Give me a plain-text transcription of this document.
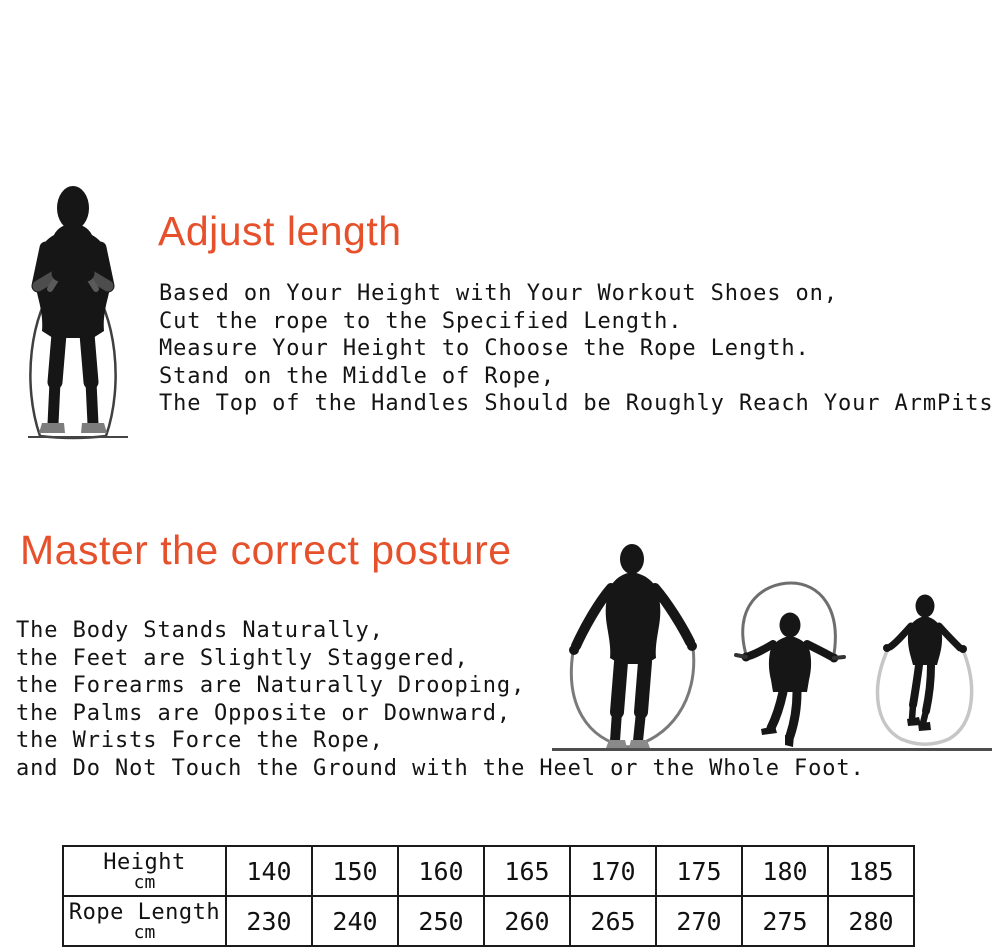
HOW TO SIZE A JUMP ROPE
Adjust length
Based on Your Height with Your Workout Shoes on,
Cut the rope to the Specified Length.
Measure Your Height to Choose the Rope Length.
Stand on the Middle of Rope,
The Top of the Handles Should be Roughly Reach Your ArmPits
Master the correct posture
The Body Stands Naturally,
the Feet are Slightly Staggered,
the Forearms are Naturally Drooping,
the Palms are Opposite or Downward,
the Wrists Force the Rope,
and Do Not Touch the Ground with the Heel or the Whole Foot.
Height
cm	140	150	160	165	170	175	180	185

Rope Length
cm	230	240	250	260	265	270	275	280
